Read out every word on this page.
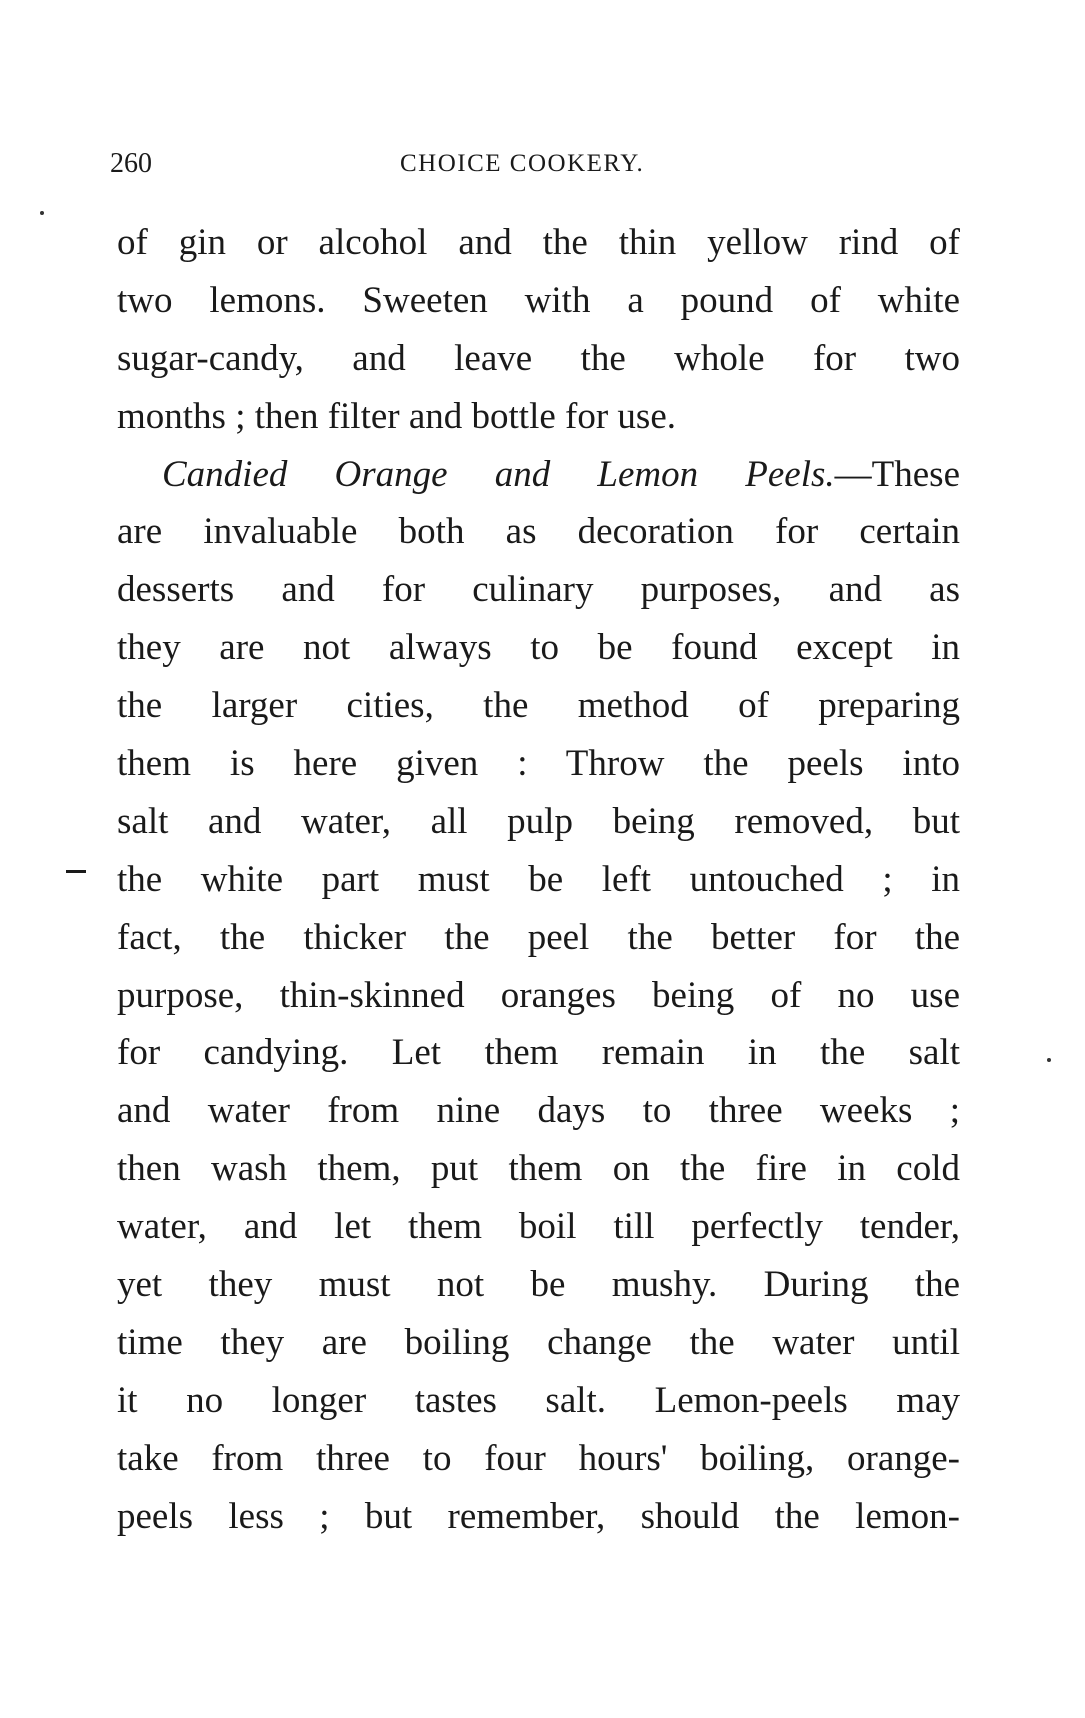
260	CHOICE COOKERY.
of gin or alcohol and the thin yellow rind of
two lemons. Sweeten with a pound of white
sugar-candy, and leave the whole for two
months ; then filter and bottle for use.
Candied Orange and Lemon Peels.—These
are invaluable both as decoration for certain
desserts and for culinary purposes, and as
they are not always to be found except in
the larger cities, the method of preparing
them is here given : Throw the peels into
salt and water, all pulp being removed, but
the white part must be left untouched ; in
fact, the thicker the peel the better for the
purpose, thin-skinned oranges being of no use
for candying. Let them remain in the salt
and water from nine days to three weeks ;
then wash them, put them on the fire in cold
water, and let them boil till perfectly tender,
yet they must not be mushy. During the
time they are boiling change the water until
it no longer tastes salt. Lemon-peels may
take from three to four hours' boiling, orange-
peels less ; but remember, should the lemon-
